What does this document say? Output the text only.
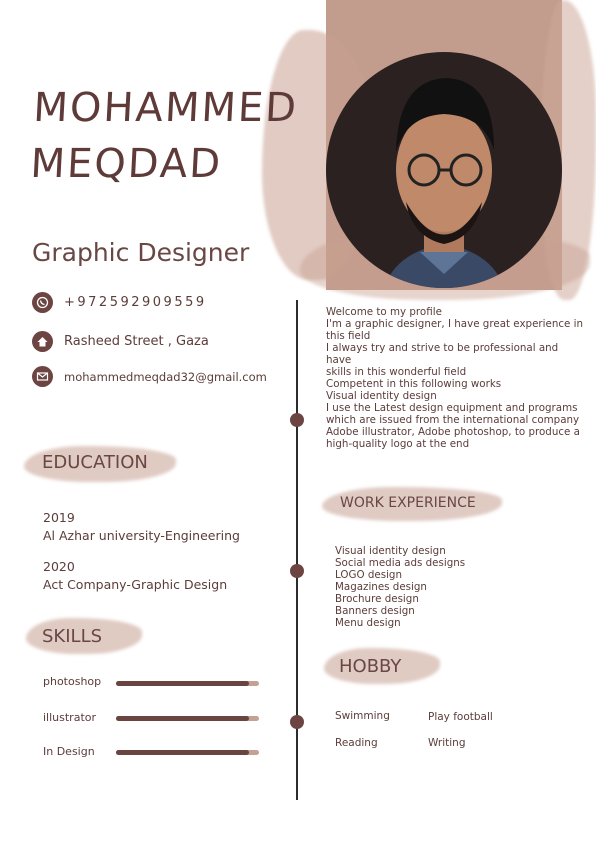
MOHAMMED
MEQDAD
Graphic Designer
+972592909559
Rasheed Street , Gaza
mohammedmeqdad32@gmail.com
Welcome to my profile
I'm a graphic designer, I have great experience in
this field
I always try and strive to be professional and have
skills in this wonderful field
Competent in this following works
Visual identity design
I use the Latest design equipment and programs
which are issued from the international company
Adobe illustrator, Adobe photoshop, to produce a
high-quality logo at the end
EDUCATION
2019
Al Azhar university-Engineering
2020
Act Company-Graphic Design
SKILLS
photoshop
illustrator
In Design
WORK EXPERIENCE
Visual identity design
Social media ads designs
LOGO design
Magazines design
Brochure design
Banners design
Menu design
HOBBY
Swimming	Play football
Reading	Writing
